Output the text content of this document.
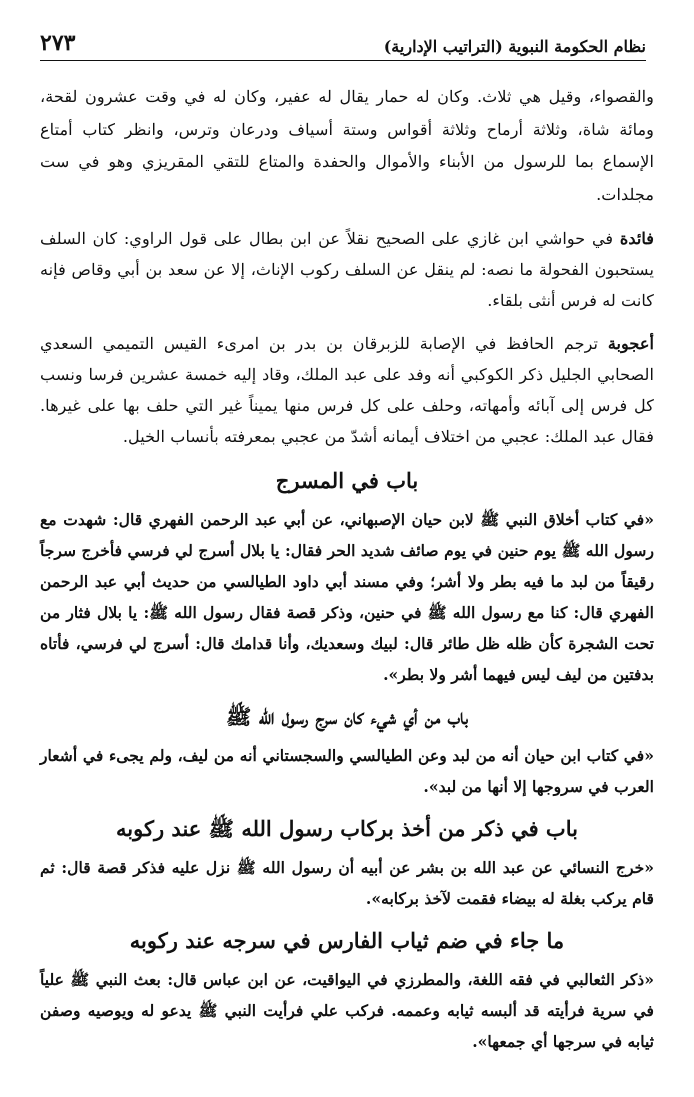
نظام الحكومة النبوية (التراتيب الإدارية)
٢٧٣

والقصواء، وقيل هي ثلاث. وكان له حمار يقال له عفير، وكان له في وقت عشرون لقحة، ومائة شاة، وثلاثة أرماح وثلاثة أقواس وستة أسياف ودرعان وترس، وانظر كتاب أمتاع الإسماع بما للرسول من الأبناء والأموال والحفدة والمتاع للتقي المقريزي وهو في ست مجلدات.

فائدة في حواشي ابن غازي على الصحيح نقلاً عن ابن بطال على قول الراوي: كان السلف يستحبون الفحولة ما نصه: لم ينقل عن السلف ركوب الإناث، إلا عن سعد بن أبي وقاص فإنه كانت له فرس أنثى بلقاء.

أعجوبة ترجم الحافظ في الإصابة للزبرقان بن بدر بن امرىء القيس التميمي السعدي الصحابي الجليل ذكر الكوكبي أنه وفد على عبد الملك، وقاد إليه خمسة عشرين فرسا ونسب كل فرس إلى آبائه وأمهاته، وحلف على كل فرس منها يميناً غير التي حلف بها على غيرها. فقال عبد الملك: عجبي من اختلاف أيمانه أشدّ من عجبي بمعرفته بأنساب الخيل.

باب في المسرج

«في كتاب أخلاق النبي ﷺ لابن حيان الإصبهاني، عن أبي عبد الرحمن الفهري قال: شهدت مع رسول الله ﷺ يوم حنين في يوم صائف شديد الحر فقال: يا بلال أسرج لي فرسي فأخرج سرجاً رقيقاً من لبد ما فيه بطر ولا أشر؛ وفي مسند أبي داود الطيالسي من حديث أبي عبد الرحمن الفهري قال: كنا مع رسول الله ﷺ في حنين، وذكر قصة فقال رسول الله ﷺ: يا بلال فثار من تحت الشجرة كأن ظله ظل طائر قال: لبيك وسعديك، وأنا قدامك قال: أسرج لي فرسي، فأتاه بدفتين من ليف ليس فيهما أشر ولا بطر».

باب من أي شيء كان سرج رسول الله ﷺ

«في كتاب ابن حيان أنه من لبد وعن الطيالسي والسجستاني أنه من ليف، ولم يجىء في أشعار العرب في سروجها إلا أنها من لبد».

باب في ذكر من أخذ بركاب رسول الله ﷺ عند ركوبه

«خرج النسائي عن عبد الله بن بشر عن أبيه أن رسول الله ﷺ نزل عليه فذكر قصة قال: ثم قام يركب بغلة له بيضاء فقمت لآخذ بركابه».

ما جاء في ضم ثياب الفارس في سرجه عند ركوبه

«ذكر الثعالبي في فقه اللغة، والمطرزي في اليواقيت، عن ابن عباس قال: بعث النبي ﷺ علياً في سرية فرأيته قد ألبسه ثيابه وعممه. فركب علي فرأيت النبي ﷺ يدعو له ويوصيه وصفن ثيابه في سرجها أي جمعها».
